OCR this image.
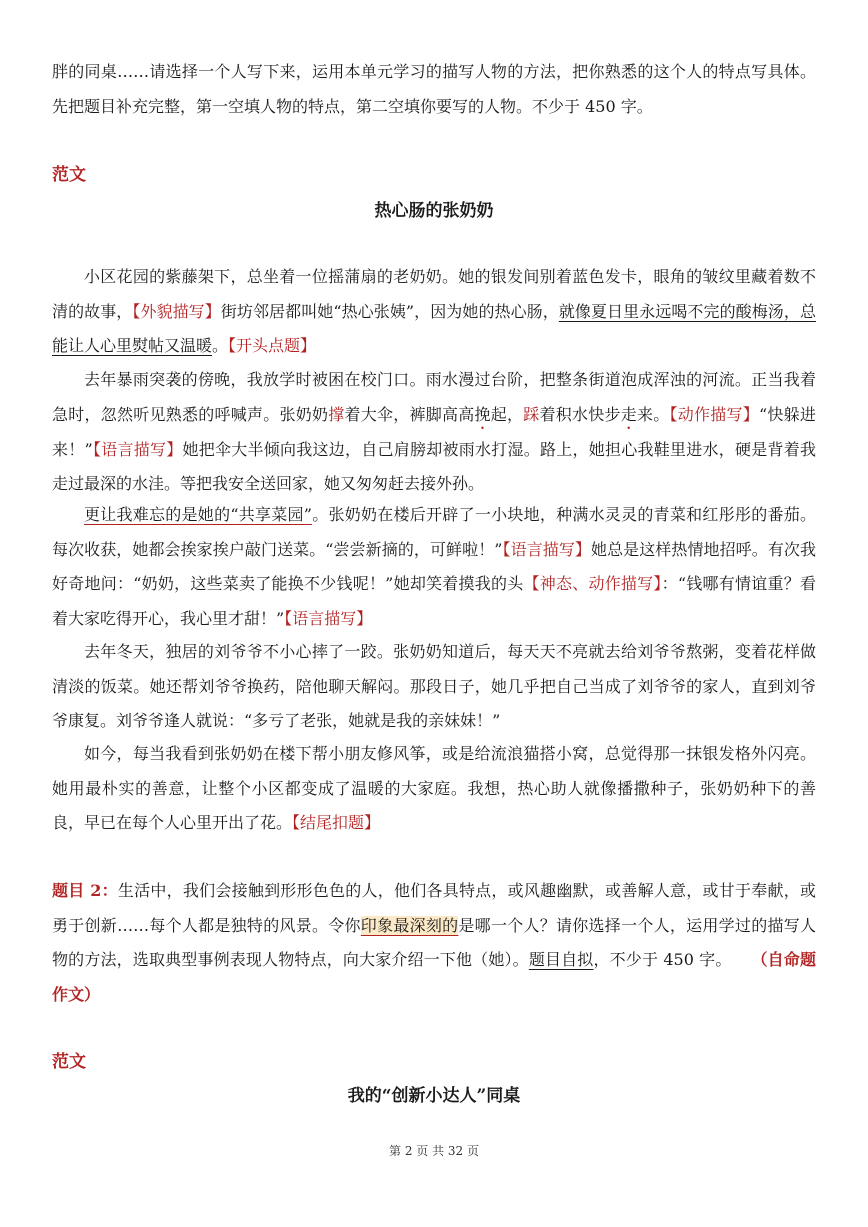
胖的同桌……请选择一个人写下来，运用本单元学习的描写人物的方法，把你熟悉的这个人的特点写具体。先把题目补充完整，第一空填人物的特点，第二空填你要写的人物。不少于 450 字。

范文

热心肠的张奶奶

小区花园的紫藤架下，总坐着一位摇蒲扇的老奶奶。她的银发间别着蓝色发卡，眼角的皱纹里藏着数不清的故事，【外貌描写】街坊邻居都叫她“热心张姨”，因为她的热心肠，就像夏日里永远喝不完的酸梅汤，总能让人心里熨帖又温暖。【开头点题】

去年暴雨突袭的傍晚，我放学时被困在校门口。雨水漫过台阶，把整条街道泡成浑浊的河流。正当我着急时，忽然听见熟悉的呼喊声。张奶奶撑着大伞，裤脚高高挽起，踩着积水快步走来。【动作描写】“快躲进来！”【语言描写】她把伞大半倾向我这边，自己肩膀却被雨水打湿。路上，她担心我鞋里进水，硬是背着我走过最深的水洼。等把我安全送回家，她又匆匆赶去接外孙。

更让我难忘的是她的“共享菜园”。张奶奶在楼后开辟了一小块地，种满水灵灵的青菜和红彤彤的番茄。每次收获，她都会挨家挨户敲门送菜。“尝尝新摘的，可鲜啦！”【语言描写】她总是这样热情地招呼。有次我好奇地问：“奶奶，这些菜卖了能换不少钱呢！”她却笑着摸我的头【神态、动作描写】：“钱哪有情谊重？看着大家吃得开心，我心里才甜！”【语言描写】

去年冬天，独居的刘爷爷不小心摔了一跤。张奶奶知道后，每天天不亮就去给刘爷爷熬粥，变着花样做清淡的饭菜。她还帮刘爷爷换药，陪他聊天解闷。那段日子，她几乎把自己当成了刘爷爷的家人，直到刘爷爷康复。刘爷爷逢人就说：“多亏了老张，她就是我的亲妹妹！”

如今，每当我看到张奶奶在楼下帮小朋友修风筝，或是给流浪猫搭小窝，总觉得那一抹银发格外闪亮。她用最朴实的善意，让整个小区都变成了温暖的大家庭。我想，热心助人就像播撒种子，张奶奶种下的善良，早已在每个人心里开出了花。【结尾扣题】

题目 2：生活中，我们会接触到形形色色的人，他们各具特点，或风趣幽默，或善解人意，或甘于奉献，或勇于创新……每个人都是独特的风景。令你印象最深刻的是哪一个人？请你选择一个人，运用学过的描写人物的方法，选取典型事例表现人物特点，向大家介绍一下他（她）。题目自拟，不少于 450 字。 （自命题作文）

范文

我的“创新小达人”同桌

第 2 页 共 32 页
